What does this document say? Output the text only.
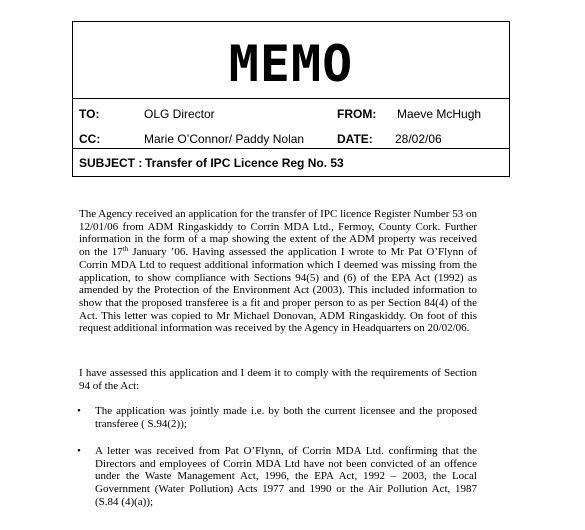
MEMO
TO:	OLG Director	FROM: Maeve McHugh
CC:	Marie O’Connor/ Paddy Nolan	DATE: 28/02/06
SUBJECT : Transfer of IPC Licence Reg No. 53
The Agency received an application for the transfer of IPC licence Register Number 53 on 12/01/06 from ADM Ringaskiddy to Corrin MDA Ltd., Fermoy, County Cork. Further information in the form of a map showing the extent of the ADM property was received on the 17th January ’06. Having assessed the application I wrote to Mr Pat O’Flynn of Corrin MDA Ltd to request additional information which I deemed was missing from the application, to show compliance with Sections 94(5) and (6) of the EPA Act (1992) as amended by the Protection of the Environment Act (2003). This included information to show that the proposed transferee is a fit and proper person to as per Section 84(4) of the Act. This letter was copied to Mr Michael Donovan, ADM Ringaskiddy. On foot of this request additional information was received by the Agency in Headquarters on 20/02/06.
I have assessed this application and I deem it to comply with the requirements of Section 94 of the Act:
• The application was jointly made i.e. by both the current licensee and the proposed transferee ( S.94(2));
• A letter was received from Pat O’Flynn, of Corrin MDA Ltd. confirming that the Directors and employees of Corrin MDA Ltd have not been convicted of an offence under the Waste Management Act, 1996, the EPA Act, 1992 – 2003, the Local Government (Water Pollution) Acts 1977 and 1990 or the Air Pollution Act, 1987 (S.84 (4)(a));
